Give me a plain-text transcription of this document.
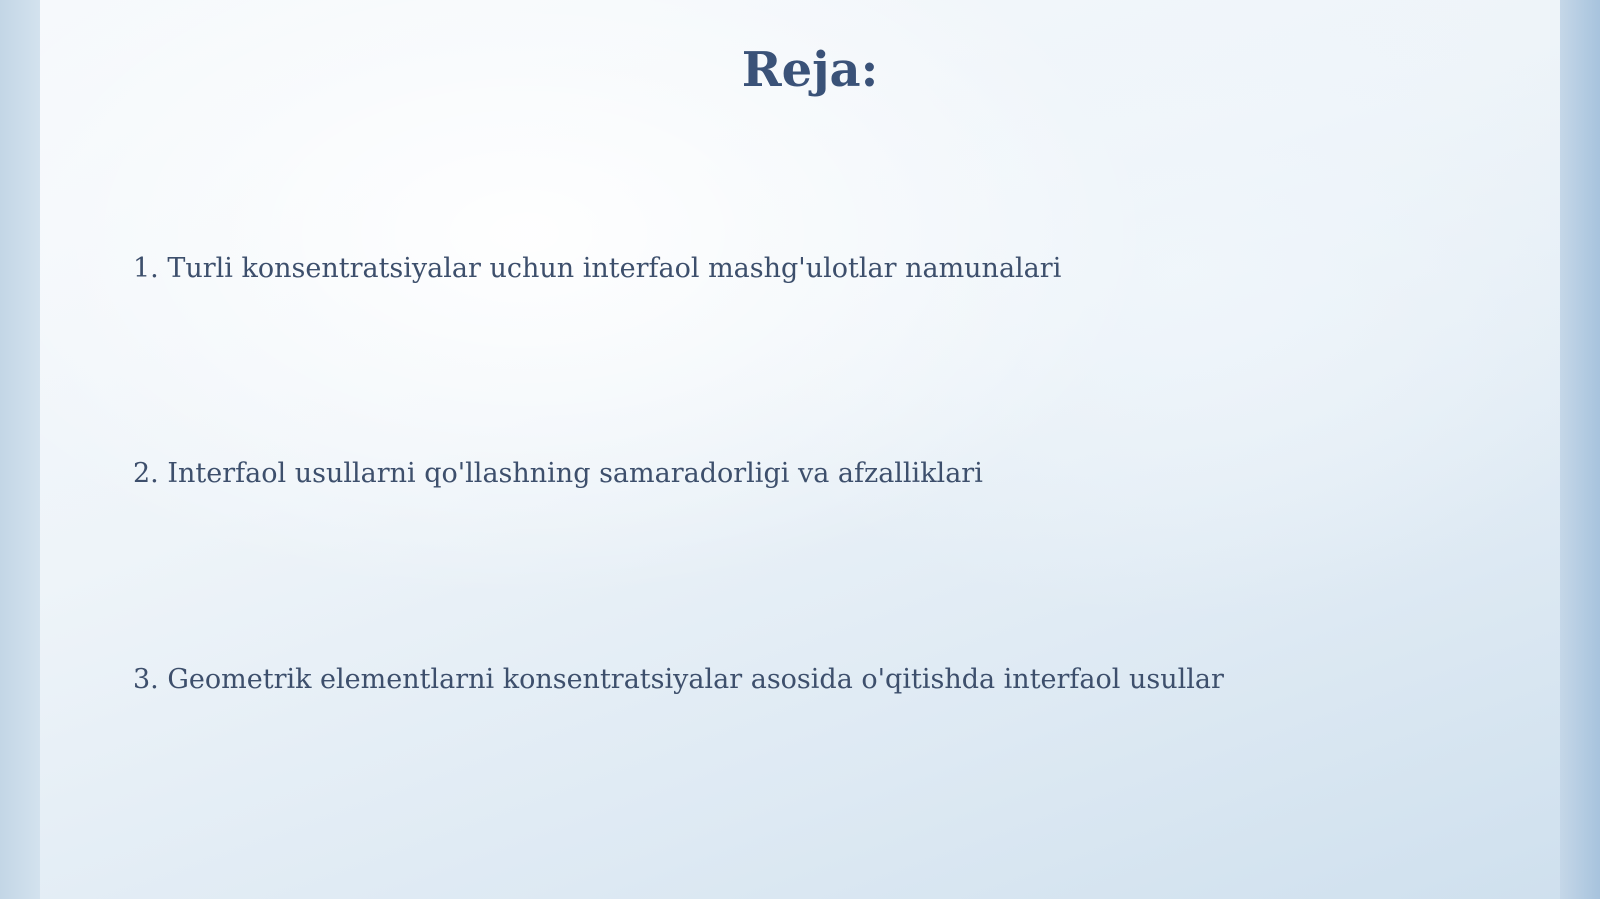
Reja:

1. Turli konsentratsiyalar uchun interfaol mashg'ulotlar namunalari

2. Interfaol usullarni qo'llashning samaradorligi va afzalliklari

3. Geometrik elementlarni konsentratsiyalar asosida o'qitishda interfaol usullar
